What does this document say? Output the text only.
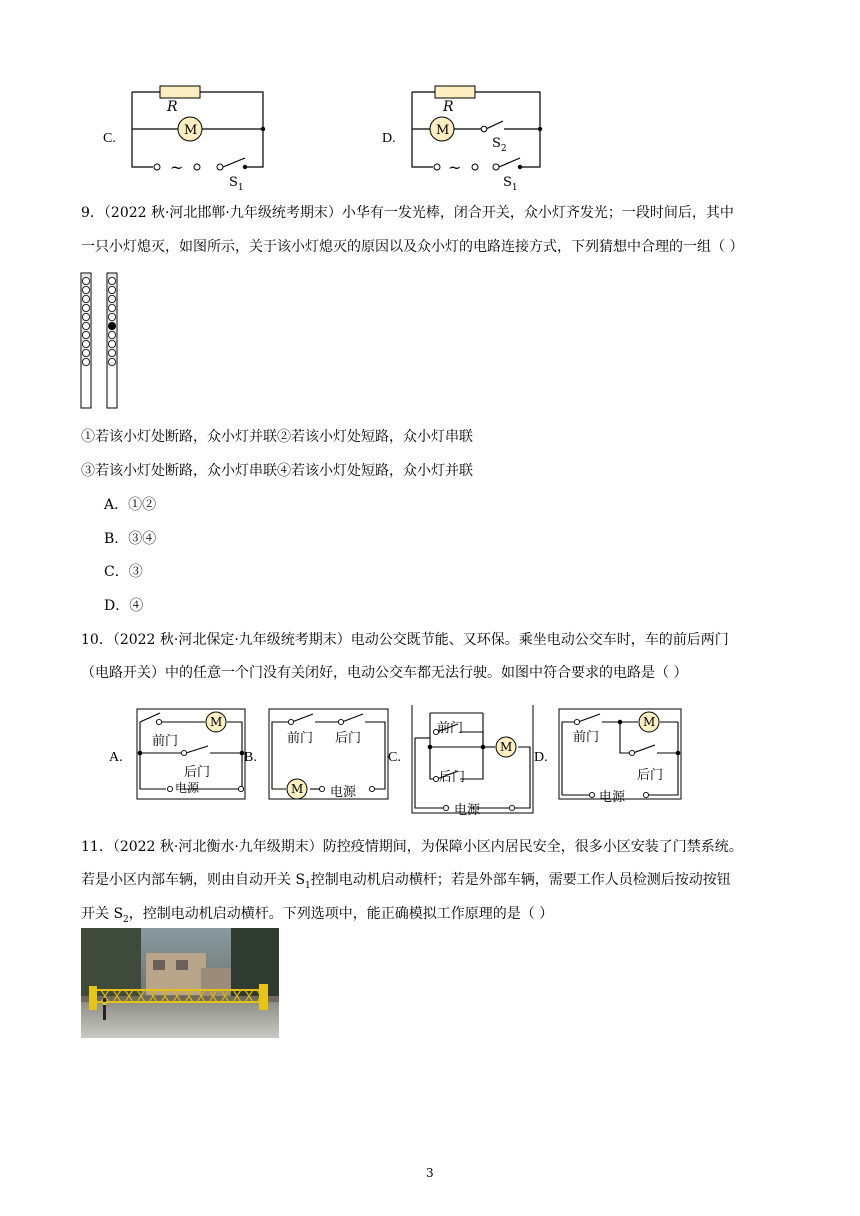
C.
R
M
~
$S_1$
D.
R
M
$S_2$
~
$S_1$
9．（2022 秋·河北邯郸·九年级统考期末）小华有一发光棒，闭合开关，众小灯齐发光；一段时间后，其中
一只小灯熄灭，如图所示，关于该小灯熄灭的原因以及众小灯的电路连接方式，下列猜想中合理的一组（ ）
①若该小灯处断路，众小灯并联②若该小灯处短路，众小灯串联
③若该小灯处断路，众小灯串联④若该小灯处短路，众小灯并联
A．①②
B．③④
C．③
D．④
10．（2022 秋·河北保定·九年级统考期末）电动公交既节能、又环保。乘坐电动公交车时，车的前后两门
（电路开关）中的任意一个门没有关闭好，电动公交车都无法行驶。如图中符合要求的电路是（ ）
M
M
M
M
前门
后门
电源
前门 后门
电源
前门
后门
电源
前门
后门
电源
A.	B.	C.	D.
11．（2022 秋·河北衡水·九年级期末）防控疫情期间，为保障小区内居民安全，很多小区安装了门禁系统。
若是小区内部车辆，则由自动开关 $S_1$控制电动机启动横杆；若是外部车辆，需要工作人员检测后按动按钮
开关 $S_2$，控制电动机启动横杆。下列选项中，能正确模拟工作原理的是（ ）
3
